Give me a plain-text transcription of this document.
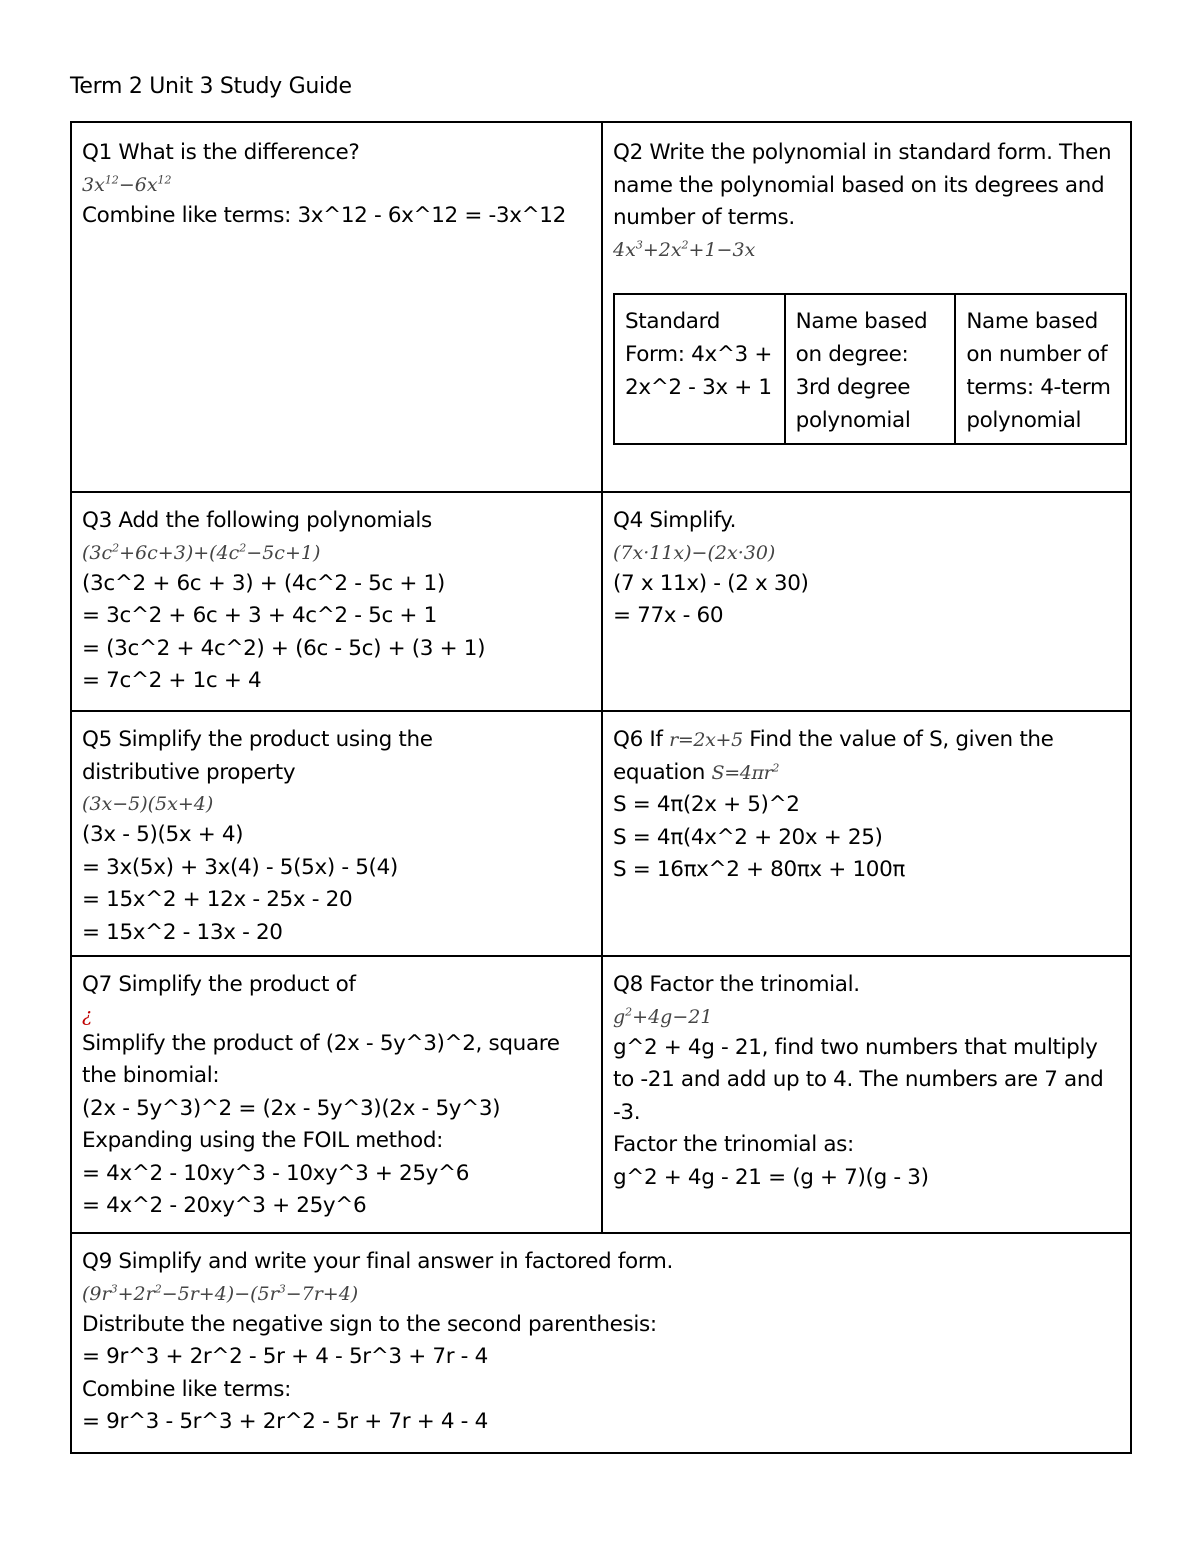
Term 2 Unit 3 Study Guide
Q1 What is the difference?
$3x^{12}-6x^{12}$
Combine like terms: 3x^12 - 6x^12 = -3x^12
Q2 Write the polynomial in standard form. Then name the polynomial based on its degrees and number of terms.
$4x^3+2x^2+1-3x$
Standard Form: 4x^3 + 2x^2 - 3x + 1	Name based on degree: 3rd degree polynomial	Name based on number of terms: 4-term polynomial
Q3 Add the following polynomials
$(3c^2+6c+3)+(4c^2-5c+1)$
(3c^2 + 6c + 3) + (4c^2 - 5c + 1)
= 3c^2 + 6c + 3 + 4c^2 - 5c + 1
= (3c^2 + 4c^2) + (6c - 5c) + (3 + 1)
= 7c^2 + 1c + 4
Q4 Simplify.
(7x·11x)−(2x·30)
(7 x 11x) - (2 x 30)
= 77x - 60
Q5 Simplify the product using the
distributive property
(3x−5)(5x+4)
(3x - 5)(5x + 4)
= 3x(5x) + 3x(4) - 5(5x) - 5(4)
= 15x^2 + 12x - 25x - 20
= 15x^2 - 13x - 20
Q6 If r=2x+5 Find the value of S, given the
equation $S=4\pi r^2$
S = 4π(2x + 5)^2
S = 4π(4x^2 + 20x + 25)
S = 16πx^2 + 80πx + 100π
Q7 Simplify the product of
¿
Simplify the product of (2x - 5y^3)^2, square the binomial:
(2x - 5y^3)^2 = (2x - 5y^3)(2x - 5y^3)
Expanding using the FOIL method:
= 4x^2 - 10xy^3 - 10xy^3 + 25y^6
= 4x^2 - 20xy^3 + 25y^6
Q8 Factor the trinomial.
$g^2+4g-21$
g^2 + 4g - 21, find two numbers that multiply to -21 and add up to 4. The numbers are 7 and -3.
Factor the trinomial as:
g^2 + 4g - 21 = (g + 7)(g - 3)
Q9 Simplify and write your final answer in factored form.
$(9r^3+2r^2-5r+4)-(5r^3-7r+4)$
Distribute the negative sign to the second parenthesis:
= 9r^3 + 2r^2 - 5r + 4 - 5r^3 + 7r - 4
Combine like terms:
= 9r^3 - 5r^3 + 2r^2 - 5r + 7r + 4 - 4
